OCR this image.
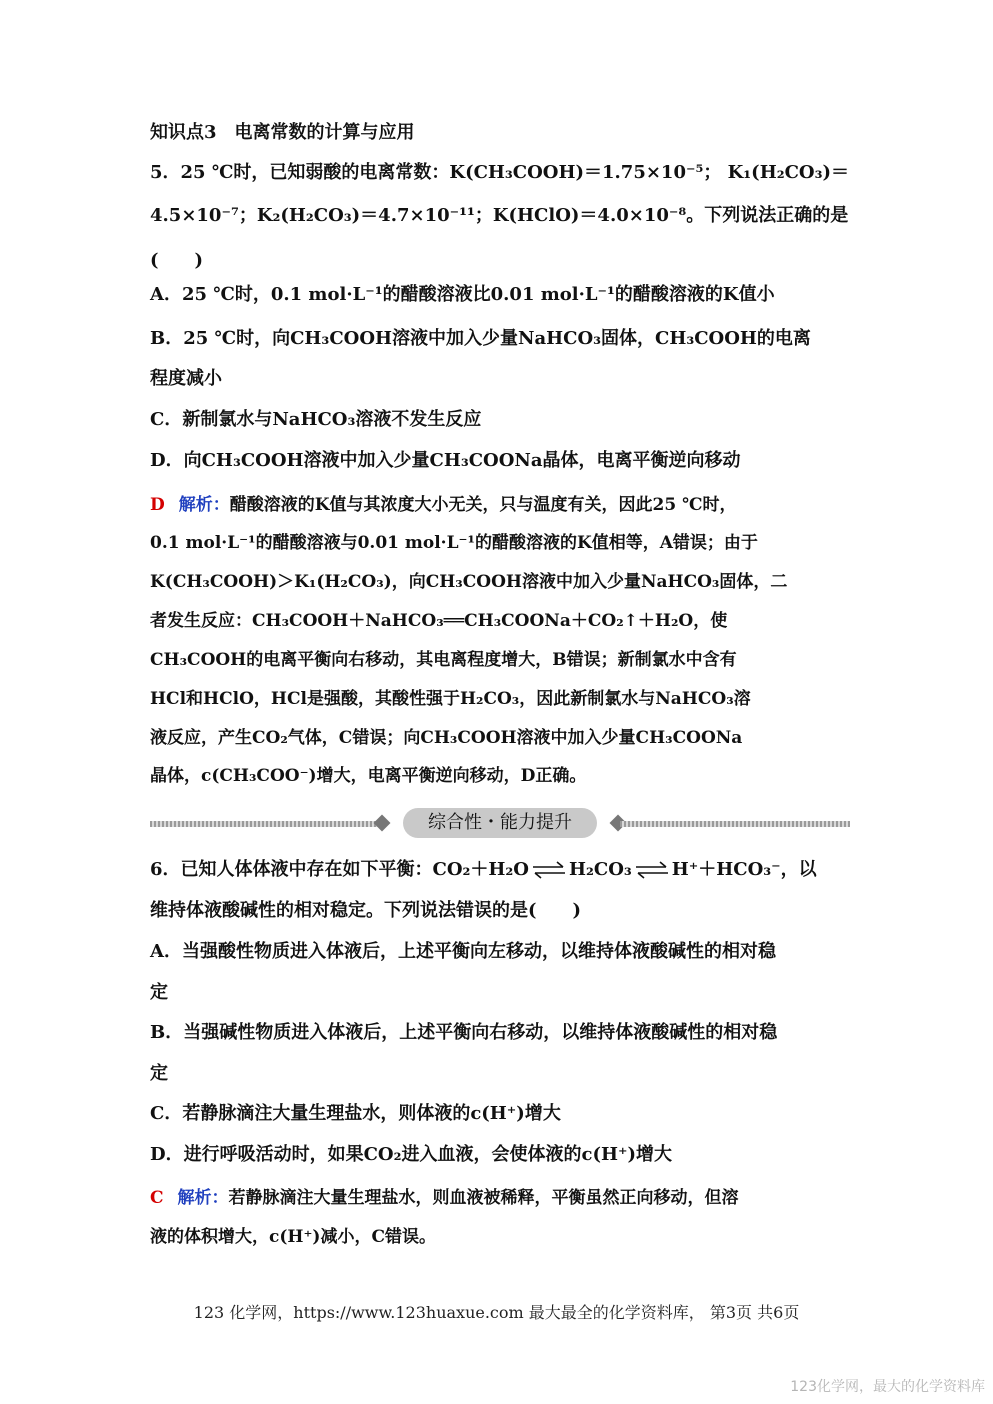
知识点3　电离常数的计算与应用
5．25 ℃时，已知弱酸的电离常数：K(CH₃COOH)＝1.75×10⁻⁵； K₁(H₂CO₃)＝
4.5×10⁻⁷；K₂(H₂CO₃)＝4.7×10⁻¹¹；K(HClO)＝4.0×10⁻⁸。下列说法正确的是
(　　)
A．25 ℃时，0.1 mol·L⁻¹的醋酸溶液比0.01 mol·L⁻¹的醋酸溶液的K值小
B．25 ℃时，向CH₃COOH溶液中加入少量NaHCO₃固体，CH₃COOH的电离
程度减小
C．新制氯水与NaHCO₃溶液不发生反应
D．向CH₃COOH溶液中加入少量CH₃COONa晶体，电离平衡逆向移动
D 解析：醋酸溶液的K值与其浓度大小无关，只与温度有关，因此25 ℃时，
0.1 mol·L⁻¹的醋酸溶液与0.01 mol·L⁻¹的醋酸溶液的K值相等，A错误；由于
K(CH₃COOH)＞K₁(H₂CO₃)，向CH₃COOH溶液中加入少量NaHCO₃固体，二
者发生反应：CH₃COOH＋NaHCO₃══CH₃COONa＋CO₂↑＋H₂O，使
CH₃COOH的电离平衡向右移动，其电离程度增大，B错误；新制氯水中含有
HCl和HClO，HCl是强酸，其酸性强于H₂CO₃，因此新制氯水与NaHCO₃溶
液反应，产生CO₂气体，C错误；向CH₃COOH溶液中加入少量CH₃COONa
晶体，c(CH₃COO⁻)增大，电离平衡逆向移动，D正确。
综合性・能力提升
6．已知人体体液中存在如下平衡：CO₂＋H₂O ⇌ H₂CO₃ ⇌ H⁺＋HCO₃⁻，以
维持体液酸碱性的相对稳定。下列说法错误的是(　　)
A．当强酸性物质进入体液后，上述平衡向左移动，以维持体液酸碱性的相对稳
定
B．当强碱性物质进入体液后，上述平衡向右移动，以维持体液酸碱性的相对稳
定
C．若静脉滴注大量生理盐水，则体液的c(H⁺)增大
D．进行呼吸活动时，如果CO₂进入血液，会使体液的c(H⁺)增大
C 解析：若静脉滴注大量生理盐水，则血液被稀释，平衡虽然正向移动，但溶
液的体积增大，c(H⁺)减小，C错误。
123 化学网，https://www.123huaxue.com 最大最全的化学资料库， 第3页 共6页
123化学网，最大的化学资料库
